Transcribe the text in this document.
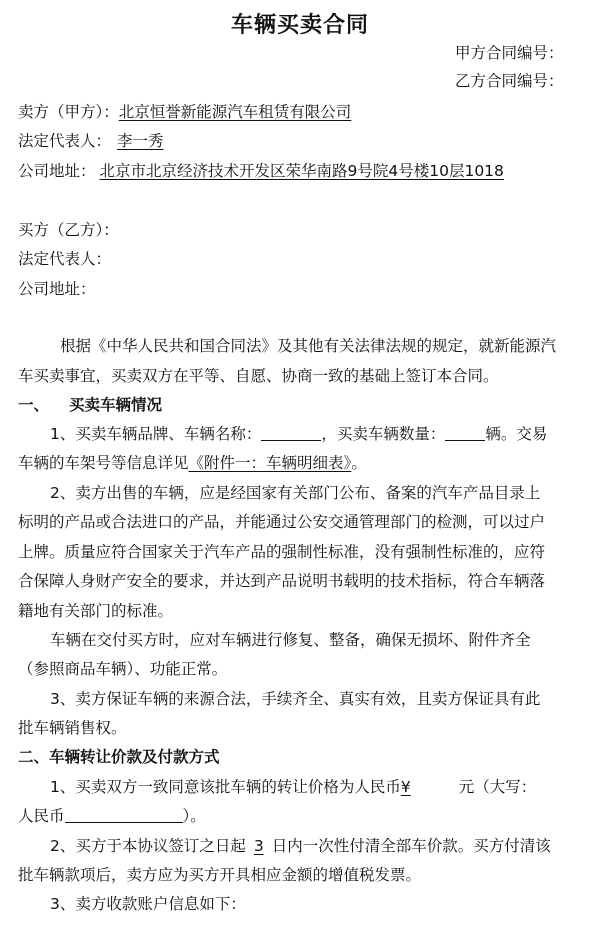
车辆买卖合同
甲方合同编号：
乙方合同编号：
卖方（甲方）：北京恒誉新能源汽车租赁有限公司
法定代表人： 李一秀
公司地址： 北京市北京经济技术开发区荣华南路9号院4号楼10层1018
买方（乙方）：
法定代表人：
公司地址：
根据《中华人民共和国合同法》及其他有关法律法规的规定，就新能源汽
车买卖事宜，买卖双方在平等、自愿、协商一致的基础上签订本合同。
一、 买卖车辆情况
1、买卖车辆品牌、车辆名称：	，买卖车辆数量：	辆。交易
车辆的车架号等信息详见《附件一：车辆明细表》。
2、卖方出售的车辆，应是经国家有关部门公布、备案的汽车产品目录上
标明的产品或合法进口的产品，并能通过公安交通管理部门的检测，可以过户
上牌。质量应符合国家关于汽车产品的强制性标准，没有强制性标准的，应符
合保障人身财产安全的要求，并达到产品说明书载明的技术指标，符合车辆落
籍地有关部门的标准。
车辆在交付买方时，应对车辆进行修复、整备，确保无损坏、附件齐全
（参照商品车辆）、功能正常。
3、卖方保证车辆的来源合法，手续齐全、真实有效，且卖方保证具有此
批车辆销售权。
二、车辆转让价款及付款方式
1、买卖双方一致同意该批车辆的转让价格为人民币¥	元（大写：
人民币	）。
2、买方于本协议签订之日起 3 日内一次性付清全部车价款。买方付清该
批车辆款项后，卖方应为买方开具相应金额的增值税发票。
3、卖方收款账户信息如下：
